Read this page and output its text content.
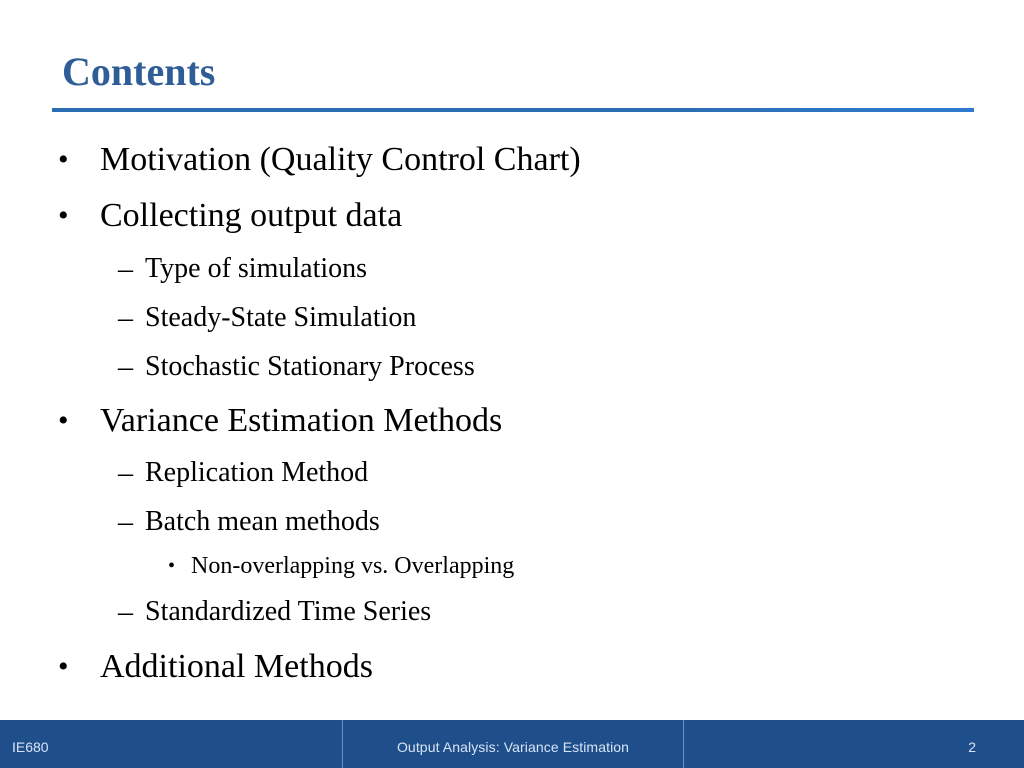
Contents
• Motivation (Quality Control Chart)
• Collecting output data
– Type of simulations
– Steady-State Simulation
– Stochastic Stationary Process
• Variance Estimation Methods
– Replication Method
– Batch mean methods
• Non-overlapping vs. Overlapping
– Standardized Time Series
• Additional Methods
IE680	Output Analysis: Variance Estimation	2
